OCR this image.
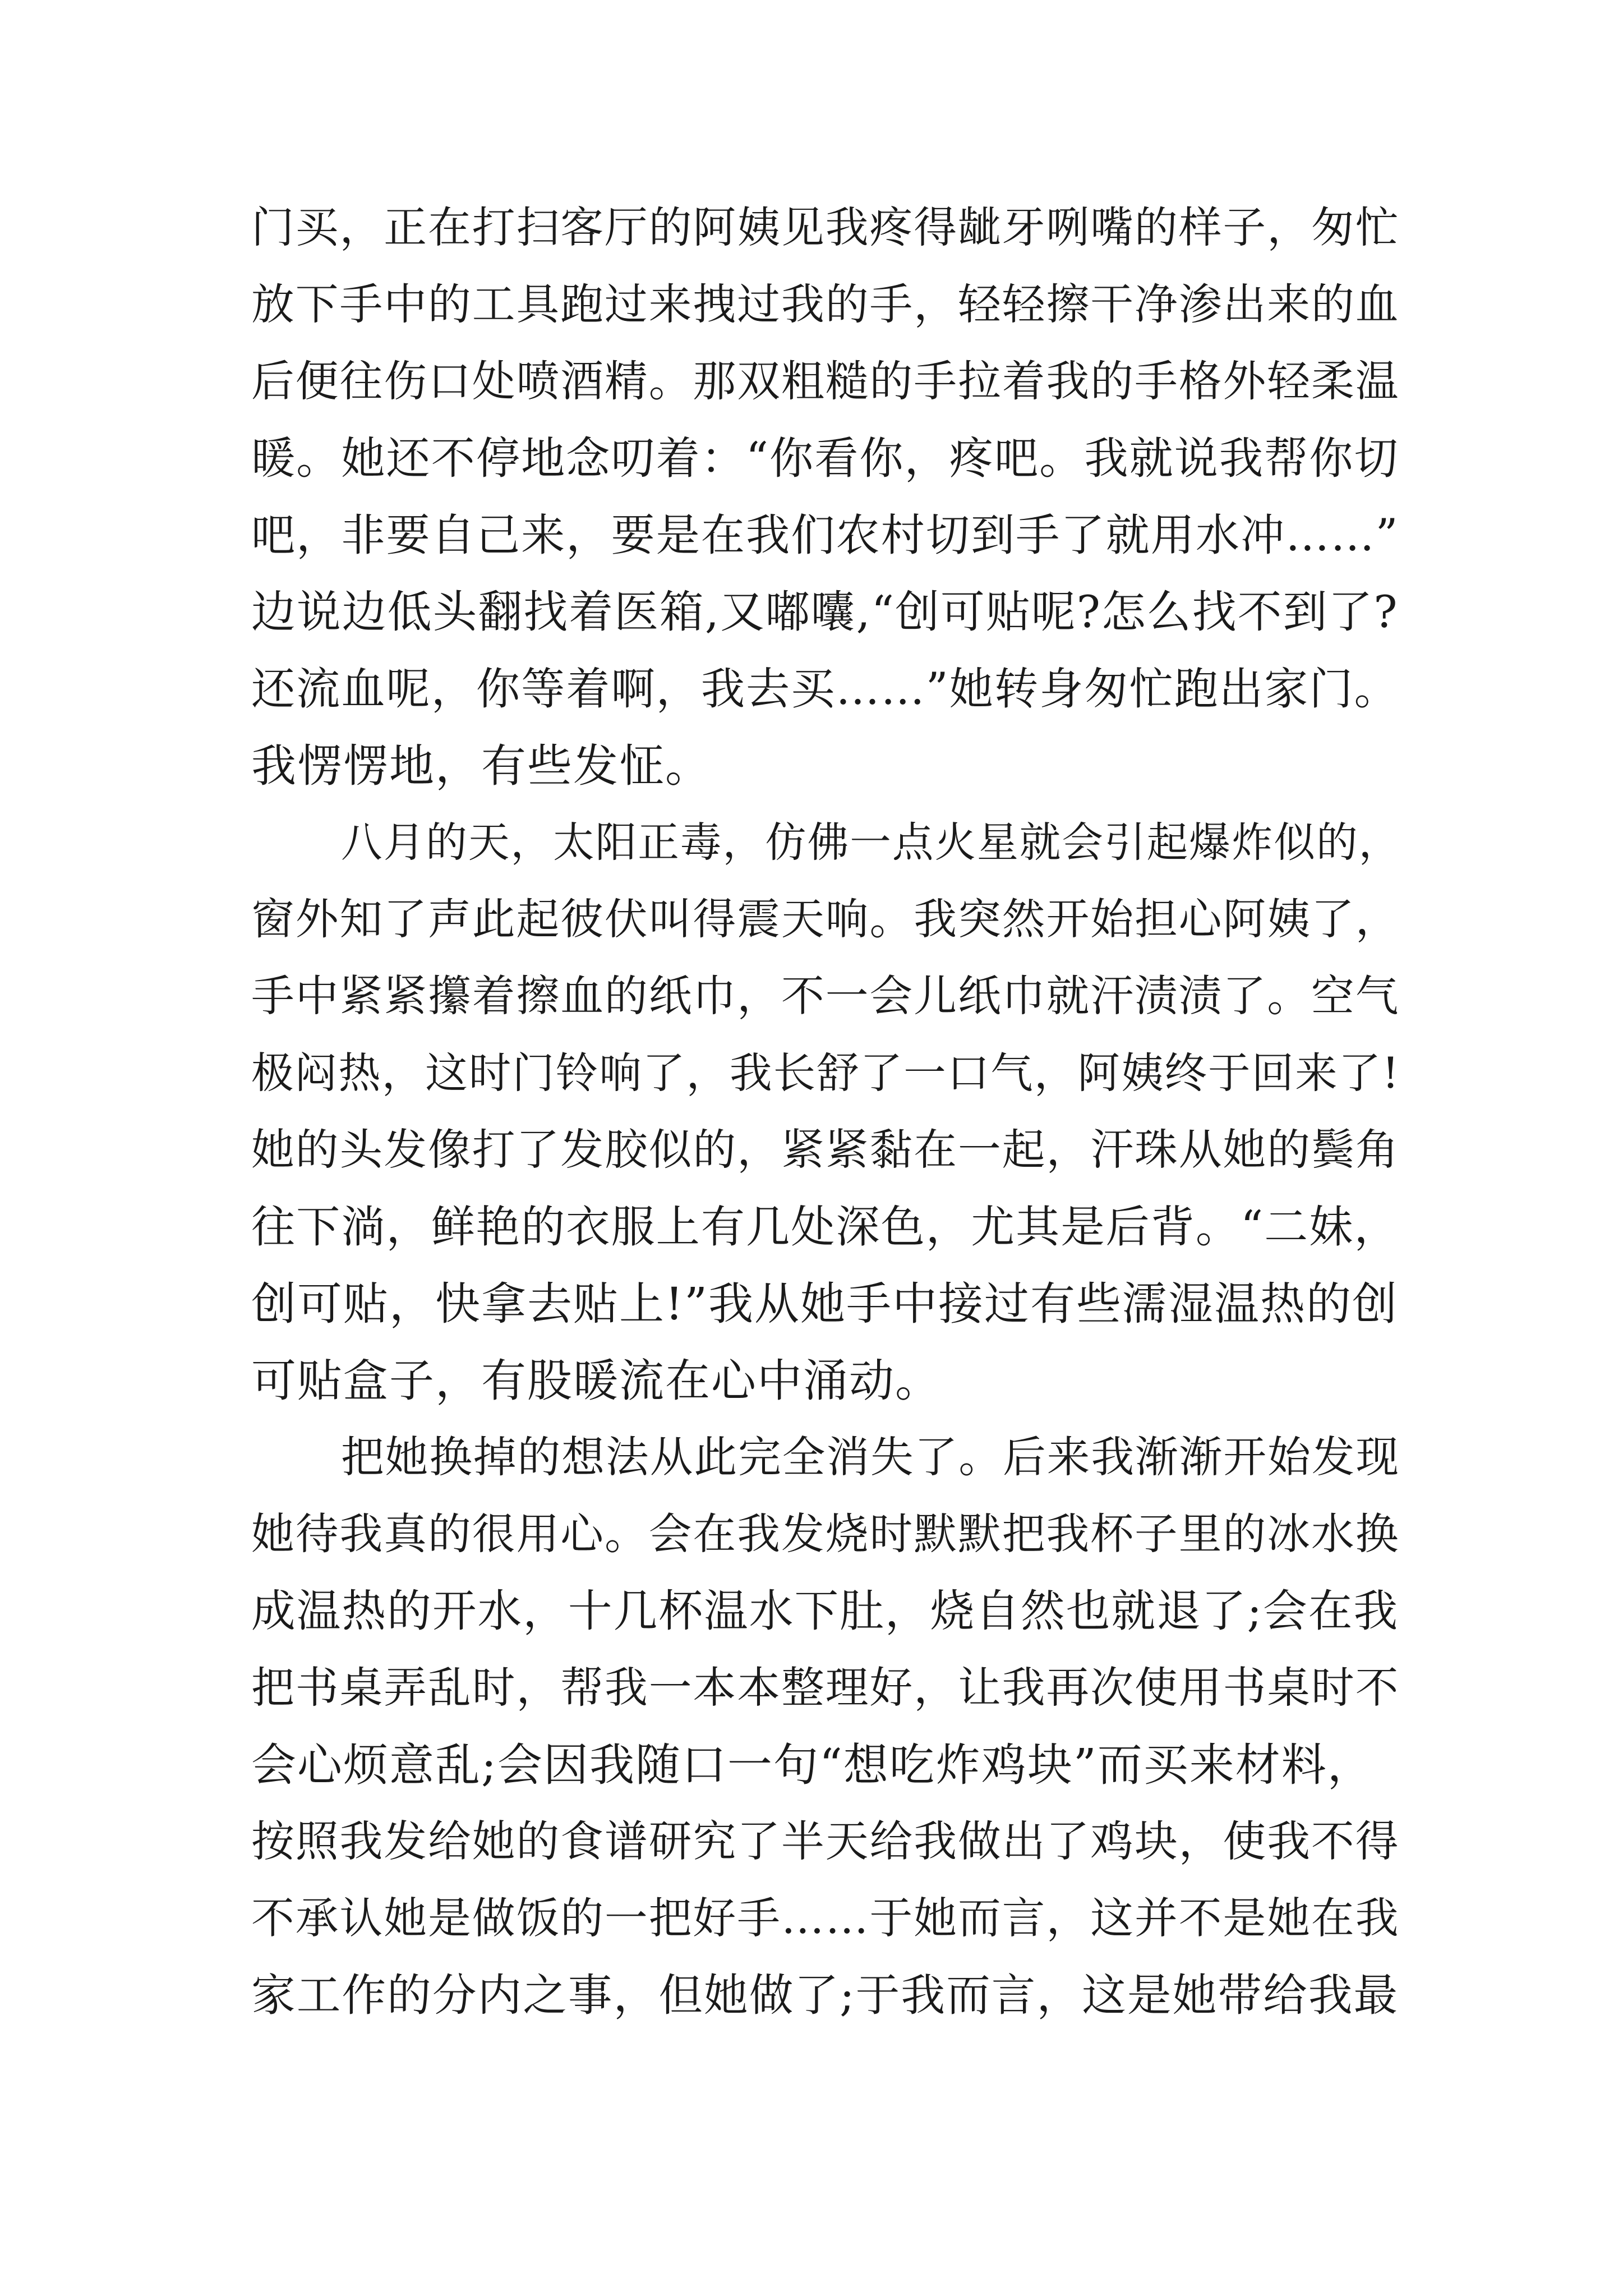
门买，正在打扫客厅的阿姨见我疼得龇牙咧嘴的样子，匆忙
放下手中的工具跑过来拽过我的手，轻轻擦干净渗出来的血
后便往伤口处喷酒精。那双粗糙的手拉着我的手格外轻柔温
暖。她还不停地念叨着：“你看你，疼吧。我就说我帮你切
吧，非要自己来，要是在我们农村切到手了就用水冲……”
边说边低头翻找着医箱,又嘟囔,“创可贴呢?怎么找不到了?
还流血呢，你等着啊，我去买……”她转身匆忙跑出家门。
我愣愣地，有些发怔。
八月的天，太阳正毒，仿佛一点火星就会引起爆炸似的，
窗外知了声此起彼伏叫得震天响。我突然开始担心阿姨了，
手中紧紧攥着擦血的纸巾，不一会儿纸巾就汗渍渍了。空气
极闷热，这时门铃响了，我长舒了一口气，阿姨终于回来了!
她的头发像打了发胶似的，紧紧黏在一起，汗珠从她的鬓角
往下淌，鲜艳的衣服上有几处深色，尤其是后背。“二妹，
创可贴，快拿去贴上!”我从她手中接过有些濡湿温热的创
可贴盒子，有股暖流在心中涌动。
把她换掉的想法从此完全消失了。后来我渐渐开始发现
她待我真的很用心。会在我发烧时默默把我杯子里的冰水换
成温热的开水，十几杯温水下肚，烧自然也就退了;会在我
把书桌弄乱时，帮我一本本整理好，让我再次使用书桌时不
会心烦意乱;会因我随口一句“想吃炸鸡块”而买来材料，
按照我发给她的食谱研究了半天给我做出了鸡块，使我不得
不承认她是做饭的一把好手……于她而言，这并不是她在我
家工作的分内之事，但她做了;于我而言，这是她带给我最
